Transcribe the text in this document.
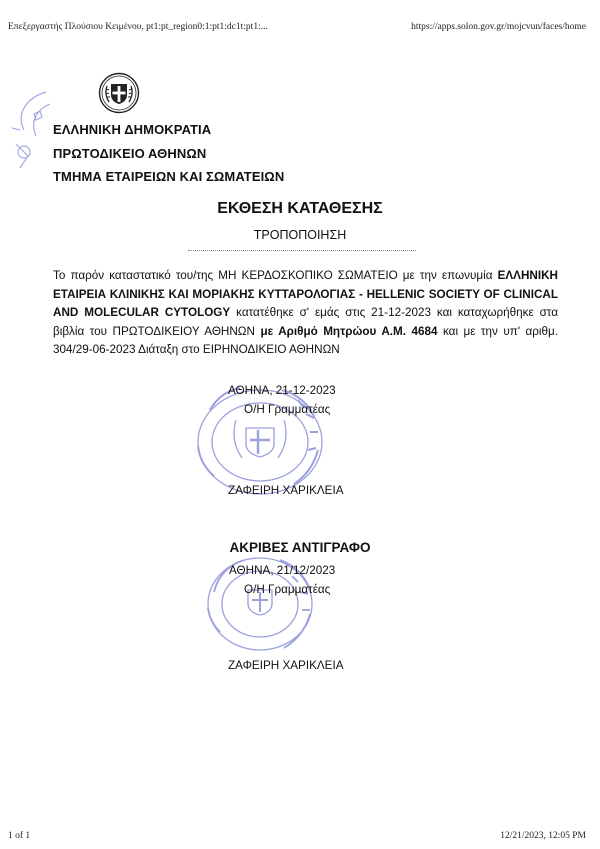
Επεξεργαστής Πλούσιου Κειμένου, pt1:pt_region0:1:pt1:dc1t:pt1:...	https://apps.solon.gov.gr/mojcvun/faces/home
ΕΛΛΗΝΙΚΗ ΔΗΜΟΚΡΑΤΙΑ
ΠΡΩΤΟΔΙΚΕΙΟ ΑΘΗΝΩΝ
ΤΜΗΜΑ ΕΤΑΙΡΕΙΩΝ ΚΑΙ ΣΩΜΑΤΕΙΩΝ
ΕΚΘΕΣΗ ΚΑΤΑΘΕΣΗΣ
ΤΡΟΠΟΠΟΙΗΣΗ
Το παρόν καταστατικό του/της ΜΗ ΚΕΡΔΟΣΚΟΠΙΚΟ ΣΩΜΑΤΕΙΟ με την επωνυμία ΕΛΛΗΝΙΚΗ ΕΤΑΙΡΕΙΑ ΚΛΙΝΙΚΗΣ ΚΑΙ ΜΟΡΙΑΚΗΣ ΚΥΤΤΑΡΟΛΟΓΙΑΣ - HELLENIC SOCIETY OF CLINICAL AND MOLECULAR CYTOLOGY κατατέθηκε σ' εμάς στις 21-12-2023 και καταχωρήθηκε στα βιβλία του ΠΡΩΤΟΔΙΚΕΙΟΥ ΑΘΗΝΩΝ με Αριθμό Μητρώου Α.Μ. 4684 και με την υπ' αριθμ. 304/29-06-2023 Διάταξη στο ΕΙΡΗΝΟΔΙΚΕΙΟ ΑΘΗΝΩΝ
ΑΘΗΝΑ, 21-12-2023
Ο/Η Γραμματέας
ΖΑΦΕΙΡΗ ΧΑΡΙΚΛΕΙΑ
ΑΚΡΙΒΕΣ ΑΝΤΙΓΡΑΦΟ
ΑΘΗΝΑ, 21/12/2023
Ο/Η Γραμματέας
ΖΑΦΕΙΡΗ ΧΑΡΙΚΛΕΙΑ
1 of 1	12/21/2023, 12:05 PM
